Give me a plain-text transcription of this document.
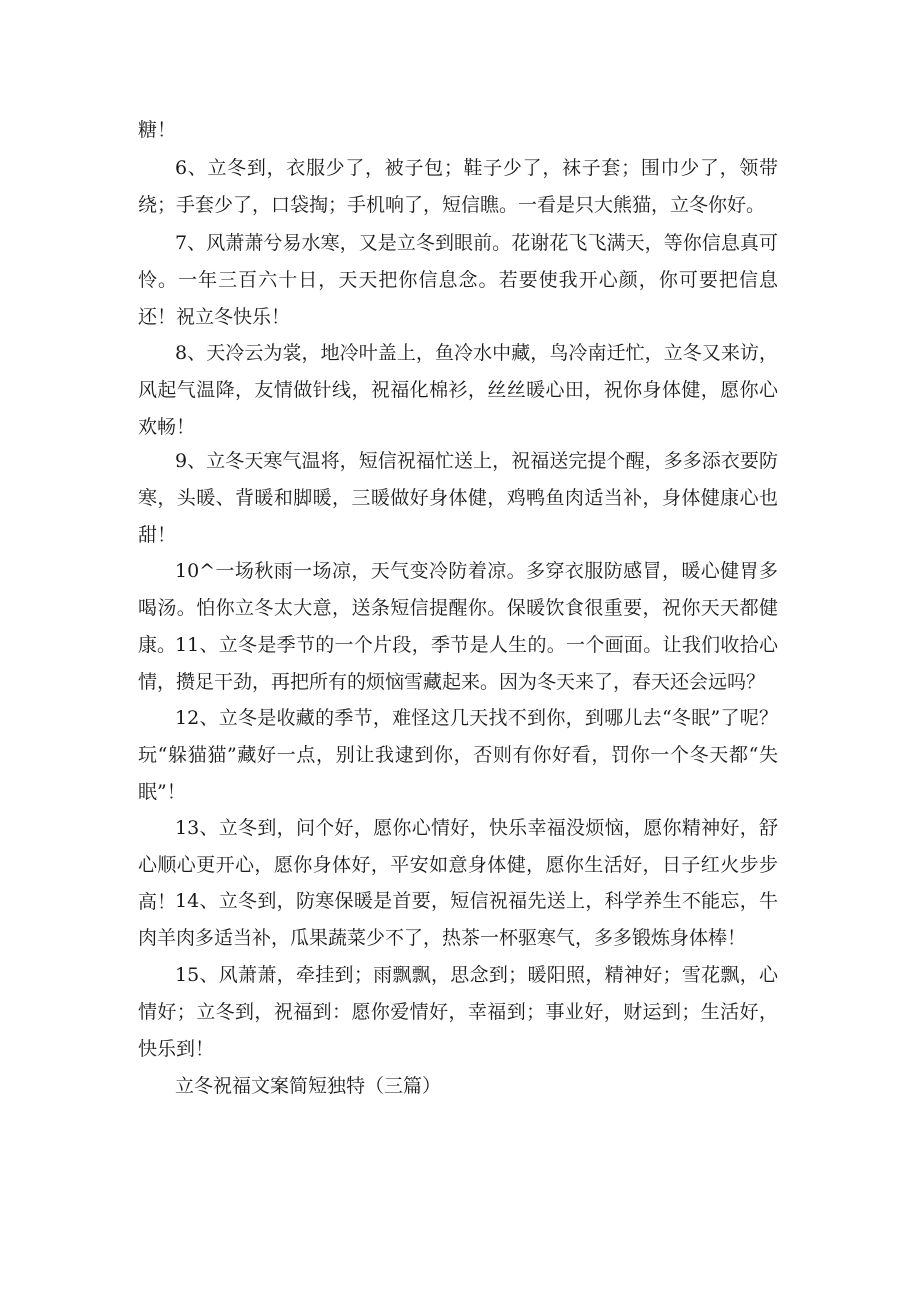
糖！

6、立冬到，衣服少了，被子包；鞋子少了，袜子套；围巾少了，领带绕；手套少了，口袋掏；手机响了，短信瞧。一看是只大熊猫，立冬你好。

7、风萧萧兮易水寒，又是立冬到眼前。花谢花飞飞满天，等你信息真可怜。一年三百六十日，天天把你信息念。若要使我开心颜，你可要把信息还！祝立冬快乐！

8、天冷云为裳，地冷叶盖上，鱼冷水中藏，鸟冷南迁忙，立冬又来访，风起气温降，友情做针线，祝福化棉衫，丝丝暖心田，祝你身体健，愿你心欢畅！

9、立冬天寒气温将，短信祝福忙送上，祝福送完提个醒，多多添衣要防寒，头暖、背暖和脚暖，三暖做好身体健，鸡鸭鱼肉适当补，身体健康心也甜！

10^一场秋雨一场凉，天气变冷防着凉。多穿衣服防感冒，暖心健胃多喝汤。怕你立冬太大意，送条短信提醒你。保暖饮食很重要，祝你天天都健康。

11、立冬是季节的一个片段，季节是人生的。一个画面。让我们收拾心情，攒足干劲，再把所有的烦恼雪藏起来。因为冬天来了，春天还会远吗？

12、立冬是收藏的季节，难怪这几天找不到你，到哪儿去“冬眠”了呢？玩“躲猫猫”藏好一点，别让我逮到你，否则有你好看，罚你一个冬天都“失眠”！

13、立冬到，问个好，愿你心情好，快乐幸福没烦恼，愿你精神好，舒心顺心更开心，愿你身体好，平安如意身体健，愿你生活好，日子红火步步高！

14、立冬到，防寒保暖是首要，短信祝福先送上，科学养生不能忘，牛肉羊肉多适当补，瓜果蔬菜少不了，热茶一杯驱寒气，多多锻炼身体棒！

15、风萧萧，牵挂到；雨飘飘，思念到；暖阳照，精神好；雪花飘，心情好；立冬到，祝福到：愿你爱情好，幸福到；事业好，财运到；生活好，快乐到！

立冬祝福文案简短独特（三篇）
